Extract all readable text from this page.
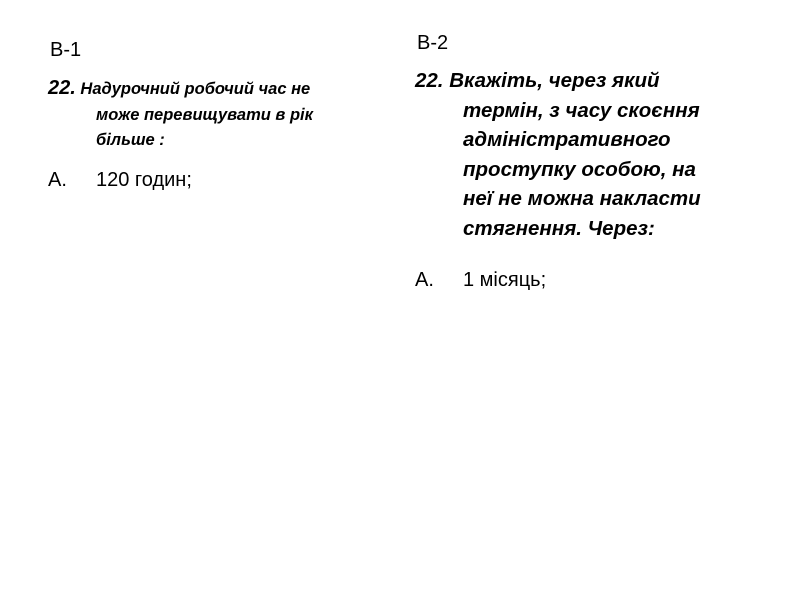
В-1
22. Надурочний робочий час не
може перевищувати в рік
більше :
А. 120 годин;
В-2
22. Вкажіть, через який
термін, з часу скоєння
адміністративного
проступку особою, на
неї не можна накласти
стягнення. Через:
А. 1 місяць;
